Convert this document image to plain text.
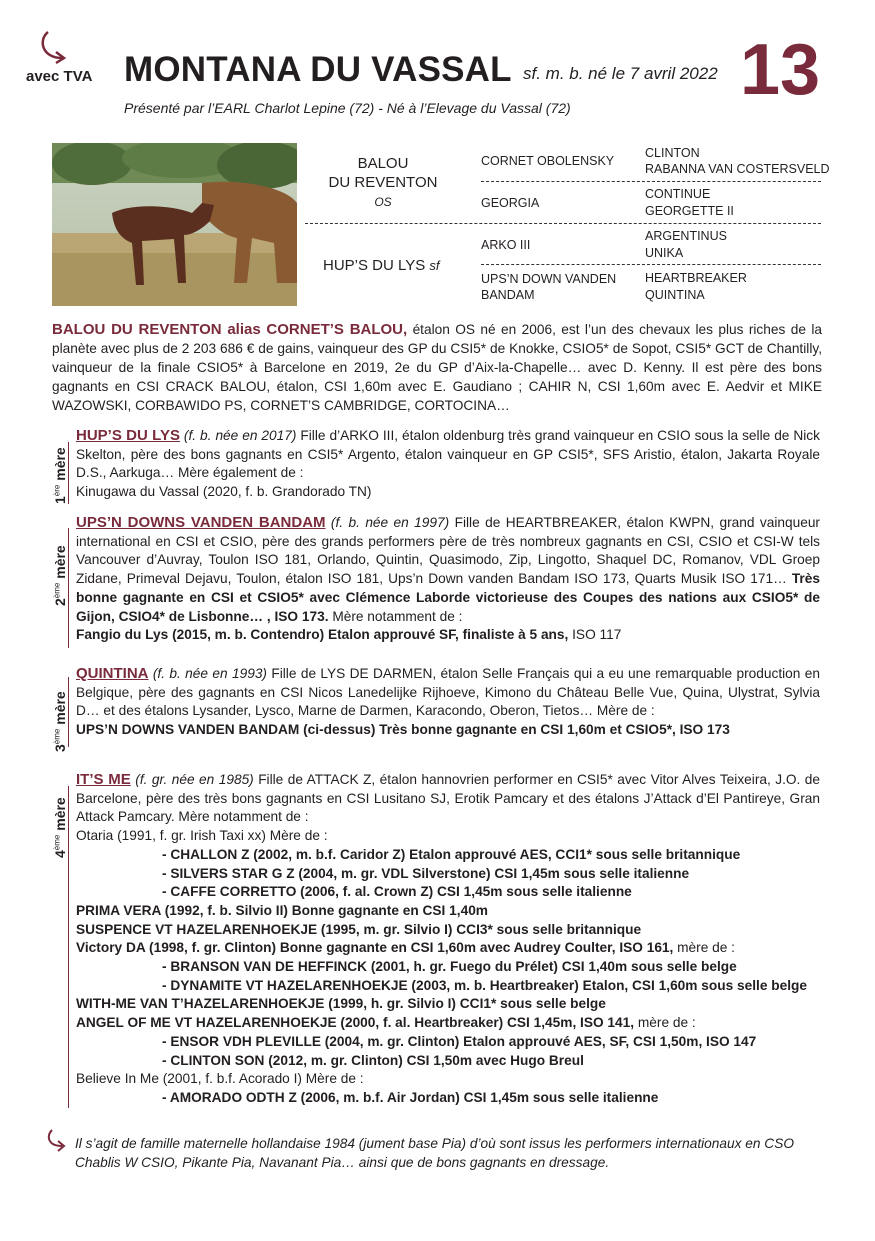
avec TVA MONTANA DU VASSAL sf. m. b. né le 7 avril 2022 13
Présenté par l’EARL Charlot Lepine (72) - Né à l’Elevage du Vassal (72)
BALOU
DU REVENTON
OS
HUP’S DU LYS sf
CORNET OBOLENSKY
GEORGIA
ARKO III
UPS’N DOWN VANDEN
BANDAM
CLINTON
RABANNA VAN COSTERSVELD
CONTINUE
GEORGETTE II
ARGENTINUS
UNIKA
HEARTBREAKER
QUINTINA
BALOU DU REVENTON alias CORNET’S BALOU, étalon OS né en 2006, est l’un des chevaux les plus riches de la planète avec plus de 2 203 686 € de gains, vainqueur des GP du CSI5* de Knokke, CSIO5* de Sopot, CSI5* GCT de Chantilly, vainqueur de la finale CSIO5* à Barcelone en 2019, 2e du GP d’Aix-la-Chapelle… avec D. Kenny. Il est père des bons gagnants en CSI CRACK BALOU, étalon, CSI 1,60m avec E. Gaudiano ; CAHIR N, CSI 1,60m avec E. Aedvir et MIKE WAZOWSKI, CORBAWIDO PS, CORNET’S CAMBRIDGE, CORTOCINA…
1ère mère
HUP’S DU LYS (f. b. née en 2017) Fille d’ARKO III, étalon oldenburg très grand vainqueur en CSIO sous la selle de Nick Skelton, père des bons gagnants en CSI5* Argento, étalon vainqueur en GP CSI5*, SFS Aristio, étalon, Jakarta Royale D.S., Aarkuga… Mère également de :
Kinugawa du Vassal (2020, f. b. Grandorado TN)
2ème mère
UPS’N DOWNS VANDEN BANDAM (f. b. née en 1997) Fille de HEARTBREAKER, étalon KWPN, grand vainqueur international en CSI et CSIO, père des grands performers père de très nombreux gagnants en CSI, CSIO et CSI-W tels Vancouver d’Auvray, Toulon ISO 181, Orlando, Quintin, Quasimodo, Zip, Lingotto, Shaquel DC, Romanov, VDL Groep Zidane, Primeval Dejavu, Toulon, étalon ISO 181, Ups’n Down vanden Bandam ISO 173, Quarts Musik ISO 171… Très bonne gagnante en CSI et CSIO5* avec Clémence Laborde victorieuse des Coupes des nations aux CSIO5* de Gijon, CSIO4* de Lisbonne… , ISO 173. Mère notamment de :
Fangio du Lys (2015, m. b. Contendro) Etalon approuvé SF, finaliste à 5 ans, ISO 117
3ème mère
QUINTINA (f. b. née en 1993) Fille de LYS DE DARMEN, étalon Selle Français qui a eu une remarquable production en Belgique, père des gagnants en CSI Nicos Lanedelijke Rijhoeve, Kimono du Château Belle Vue, Quina, Ulystrat, Sylvia D… et des étalons Lysander, Lysco, Marne de Darmen, Karacondo, Oberon, Tietos… Mère de :
UPS’N DOWNS VANDEN BANDAM (ci-dessus) Très bonne gagnante en CSI 1,60m et CSIO5*, ISO 173
4ème mère
IT’S ME (f. gr. née en 1985) Fille de ATTACK Z, étalon hannovrien performer en CSI5* avec Vitor Alves Teixeira, J.O. de Barcelone, père des très bons gagnants en CSI Lusitano SJ, Erotik Pamcary et des étalons J’Attack d’El Pantireye, Gran Attack Pamcary. Mère notamment de :
Otaria (1991, f. gr. Irish Taxi xx) Mère de :
- CHALLON Z (2002, m. b.f. Caridor Z) Etalon approuvé AES, CCI1* sous selle britannique
- SILVERS STAR G Z (2004, m. gr. VDL Silverstone) CSI 1,45m sous selle italienne
- CAFFE CORRETTO (2006, f. al. Crown Z) CSI 1,45m sous selle italienne
PRIMA VERA (1992, f. b. Silvio II) Bonne gagnante en CSI 1,40m
SUSPENCE VT HAZELARENHOEKJE (1995, m. gr. Silvio I) CCI3* sous selle britannique
Victory DA (1998, f. gr. Clinton) Bonne gagnante en CSI 1,60m avec Audrey Coulter, ISO 161, mère de :
- BRANSON VAN DE HEFFINCK (2001, h. gr. Fuego du Prélet) CSI 1,40m sous selle belge
- DYNAMITE VT HAZELARENHOEKJE (2003, m. b. Heartbreaker) Etalon, CSI 1,60m sous selle belge
WITH-ME VAN T’HAZELARENHOEKJE (1999, h. gr. Silvio I) CCI1* sous selle belge
ANGEL OF ME VT HAZELARENHOEKJE (2000, f. al. Heartbreaker) CSI 1,45m, ISO 141, mère de :
- ENSOR VDH PLEVILLE (2004, m. gr. Clinton) Etalon approuvé AES, SF, CSI 1,50m, ISO 147
- CLINTON SON (2012, m. gr. Clinton) CSI 1,50m avec Hugo Breul
Believe In Me (2001, f. b.f. Acorado I) Mère de :
- AMORADO ODTH Z (2006, m. b.f. Air Jordan) CSI 1,45m sous selle italienne
Il s’agit de famille maternelle hollandaise 1984 (jument base Pia) d’où sont issus les performers internationaux en CSO Chablis W CSIO, Pikante Pia, Navanant Pia… ainsi que de bons gagnants en dressage.
